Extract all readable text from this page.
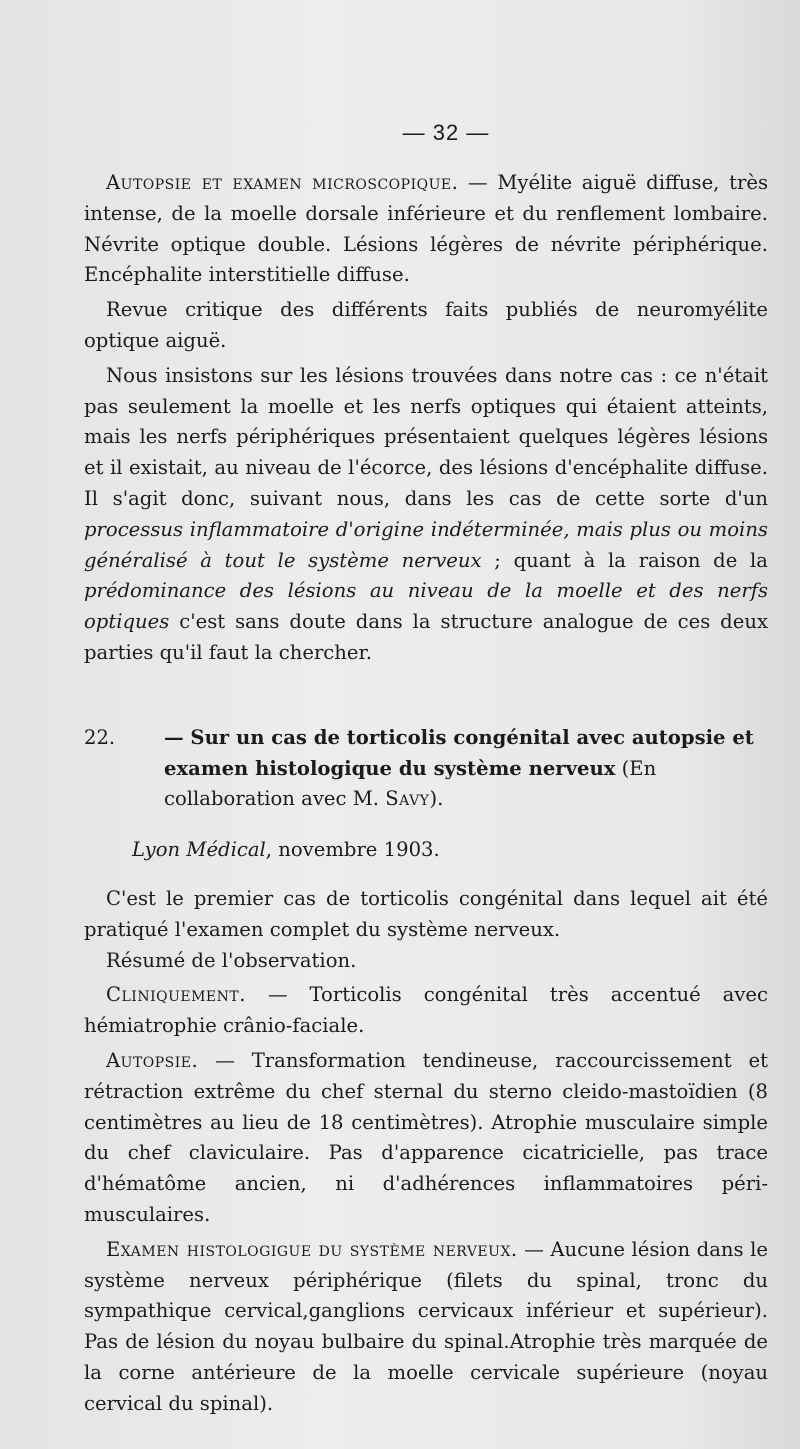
— 32 —

Autopsie et examen microscopique. — Myélite aiguë diffuse, très intense, de la moelle dorsale inférieure et du renflement lombaire. Névrite optique double. Lésions légères de névrite périphérique. Encéphalite interstitielle diffuse.

Revue critique des différents faits publiés de neuromyélite optique aiguë.

Nous insistons sur les lésions trouvées dans notre cas : ce n'était pas seulement la moelle et les nerfs optiques qui étaient atteints, mais les nerfs périphériques présentaient quelques légères lésions et il existait, au niveau de l'écorce, des lésions d'encéphalite diffuse. Il s'agit donc, suivant nous, dans les cas de cette sorte d'un processus inflammatoire d'origine indéterminée, mais plus ou moins généralisé à tout le système nerveux ; quant à la raison de la prédominance des lésions au niveau de la moelle et des nerfs optiques c'est sans doute dans la structure analogue de ces deux parties qu'il faut la chercher.

22. — Sur un cas de torticolis congénital avec autopsie et examen histologique du système nerveux (En collaboration avec M. Savy).
Lyon Médical, novembre 1903.

C'est le premier cas de torticolis congénital dans lequel ait été pratiqué l'examen complet du système nerveux.

Résumé de l'observation.

Cliniquement. — Torticolis congénital très accentué avec hémiatrophie crânio-faciale.

Autopsie. — Transformation tendineuse, raccourcissement et rétraction extrême du chef sternal du sterno cleido-mastoïdien (8 centimètres au lieu de 18 centimètres). Atrophie musculaire simple du chef claviculaire. Pas d'apparence cicatricielle, pas trace d'hématôme ancien, ni d'adhérences inflammatoires péri-musculaires.

Examen histologigue du système nerveux. — Aucune lésion dans le système nerveux périphérique (filets du spinal, tronc du sympathique cervical,ganglions cervicaux inférieur et supérieur). Pas de lésion du noyau bulbaire du spinal.Atrophie très marquée de la corne antérieure de la moelle cervicale supérieure (noyau cervical du spinal).
